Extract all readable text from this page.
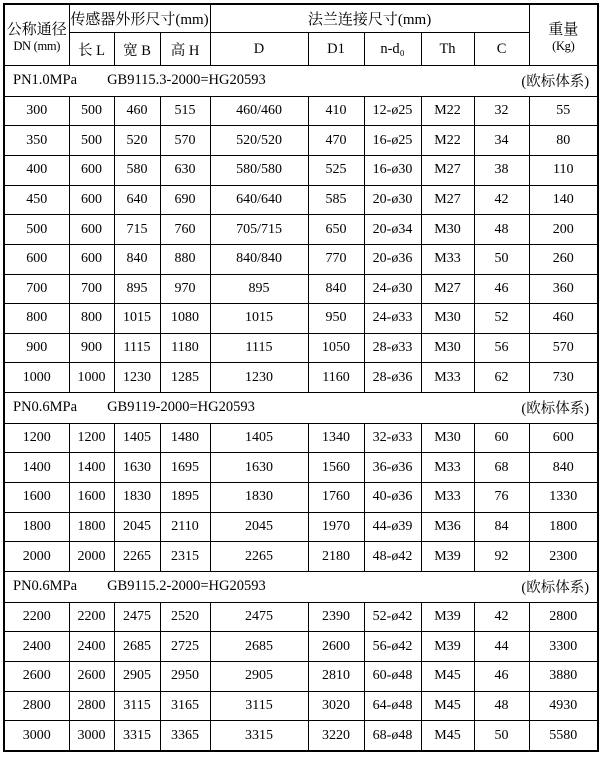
公称通径
DN (mm)	传感器外形尺寸(mm)			法兰连接尺寸(mm)					重量
(Kg)

	长 L	宽 B	高 H	D	D1	n-d₀	Th	C	

PN1.0MPa GB9115.3-2000=HG20593 (欧标体系)									

300	500	460	515	460/460	410	12-ø25	M22	32	55
350	500	520	570	520/520	470	16-ø25	M22	34	80
400	600	580	630	580/580	525	16-ø30	M27	38	110
450	600	640	690	640/640	585	20-ø30	M27	42	140
500	600	715	760	705/715	650	20-ø34	M30	48	200
600	600	840	880	840/840	770	20-ø36	M33	50	260
700	700	895	970	895	840	24-ø30	M27	46	360
800	800	1015	1080	1015	950	24-ø33	M30	52	460
900	900	1115	1180	1115	1050	28-ø33	M30	56	570
1000	1000	1230	1285	1230	1160	28-ø36	M33	62	730

PN0.6MPa GB9119-2000=HG20593 (欧标体系)									

1200	1200	1405	1480	1405	1340	32-ø33	M30	60	600
1400	1400	1630	1695	1630	1560	36-ø36	M33	68	840
1600	1600	1830	1895	1830	1760	40-ø36	M33	76	1330
1800	1800	2045	2110	2045	1970	44-ø39	M36	84	1800
2000	2000	2265	2315	2265	2180	48-ø42	M39	92	2300

PN0.6MPa GB9115.2-2000=HG20593 (欧标体系)									

2200	2200	2475	2520	2475	2390	52-ø42	M39	42	2800
2400	2400	2685	2725	2685	2600	56-ø42	M39	44	3300
2600	2600	2905	2950	2905	2810	60-ø48	M45	46	3880
2800	2800	3115	3165	3115	3020	64-ø48	M45	48	4930
3000	3000	3315	3365	3315	3220	68-ø48	M45	50	5580
